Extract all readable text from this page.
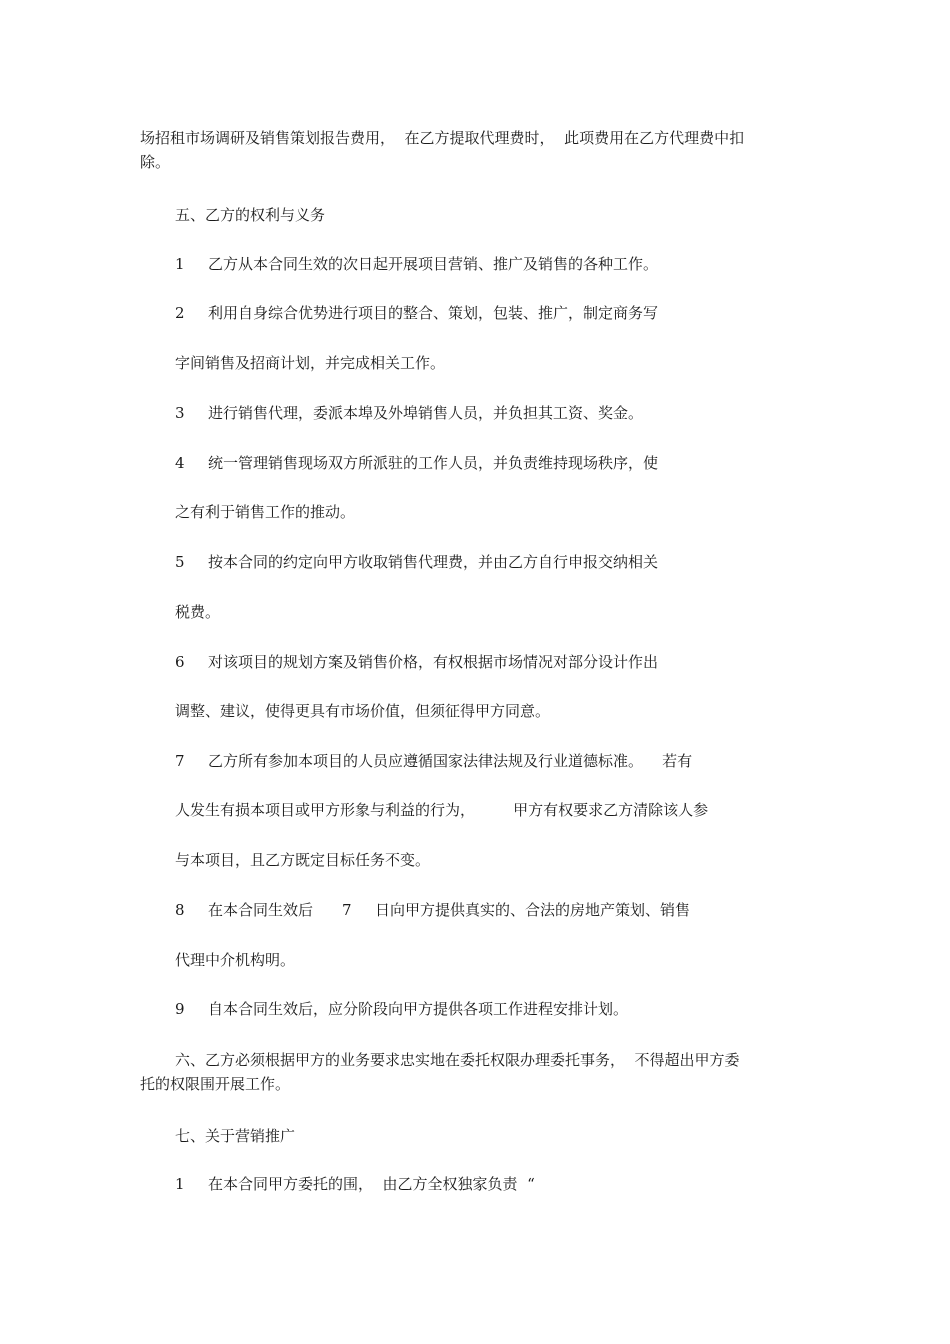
场招租市场调研及销售策划报告费用，  在乙方提取代理费时，  此项费用在乙方代理费中扣
除。
五、乙方的权利与义务
1 乙方从本合同生效的次日起开展项目营销、推广及销售的各种工作。
2 利用自身综合优势进行项目的整合、策划，包装、推广，制定商务写
字间销售及招商计划，并完成相关工作。
3 进行销售代理，委派本埠及外埠销售人员，并负担其工资、奖金。
4 统一管理销售现场双方所派驻的工作人员，并负责维持现场秩序，使
之有利于销售工作的推动。
5 按本合同的约定向甲方收取销售代理费，并由乙方自行申报交纳相关
税费。
6 对该项目的规划方案及销售价格，有权根据市场情况对部分设计作出
调整、建议，使得更具有市场价值，但须征得甲方同意。
7 乙方所有参加本项目的人员应遵循国家法律法规及行业道德标准。    若有
人发生有损本项目或甲方形象与利益的行为，        甲方有权要求乙方清除该人参
与本项目，且乙方既定目标任务不变。
8 在本合同生效后 7 日向甲方提供真实的、合法的房地产策划、销售
代理中介机构明。
9 自本合同生效后，应分阶段向甲方提供各项工作进程安排计划。
六、乙方必须根据甲方的业务要求忠实地在委托权限办理委托事务，  不得超出甲方委
托的权限围开展工作。
七、关于营销推广
1 在本合同甲方委托的围，  由乙方全权独家负责  “
